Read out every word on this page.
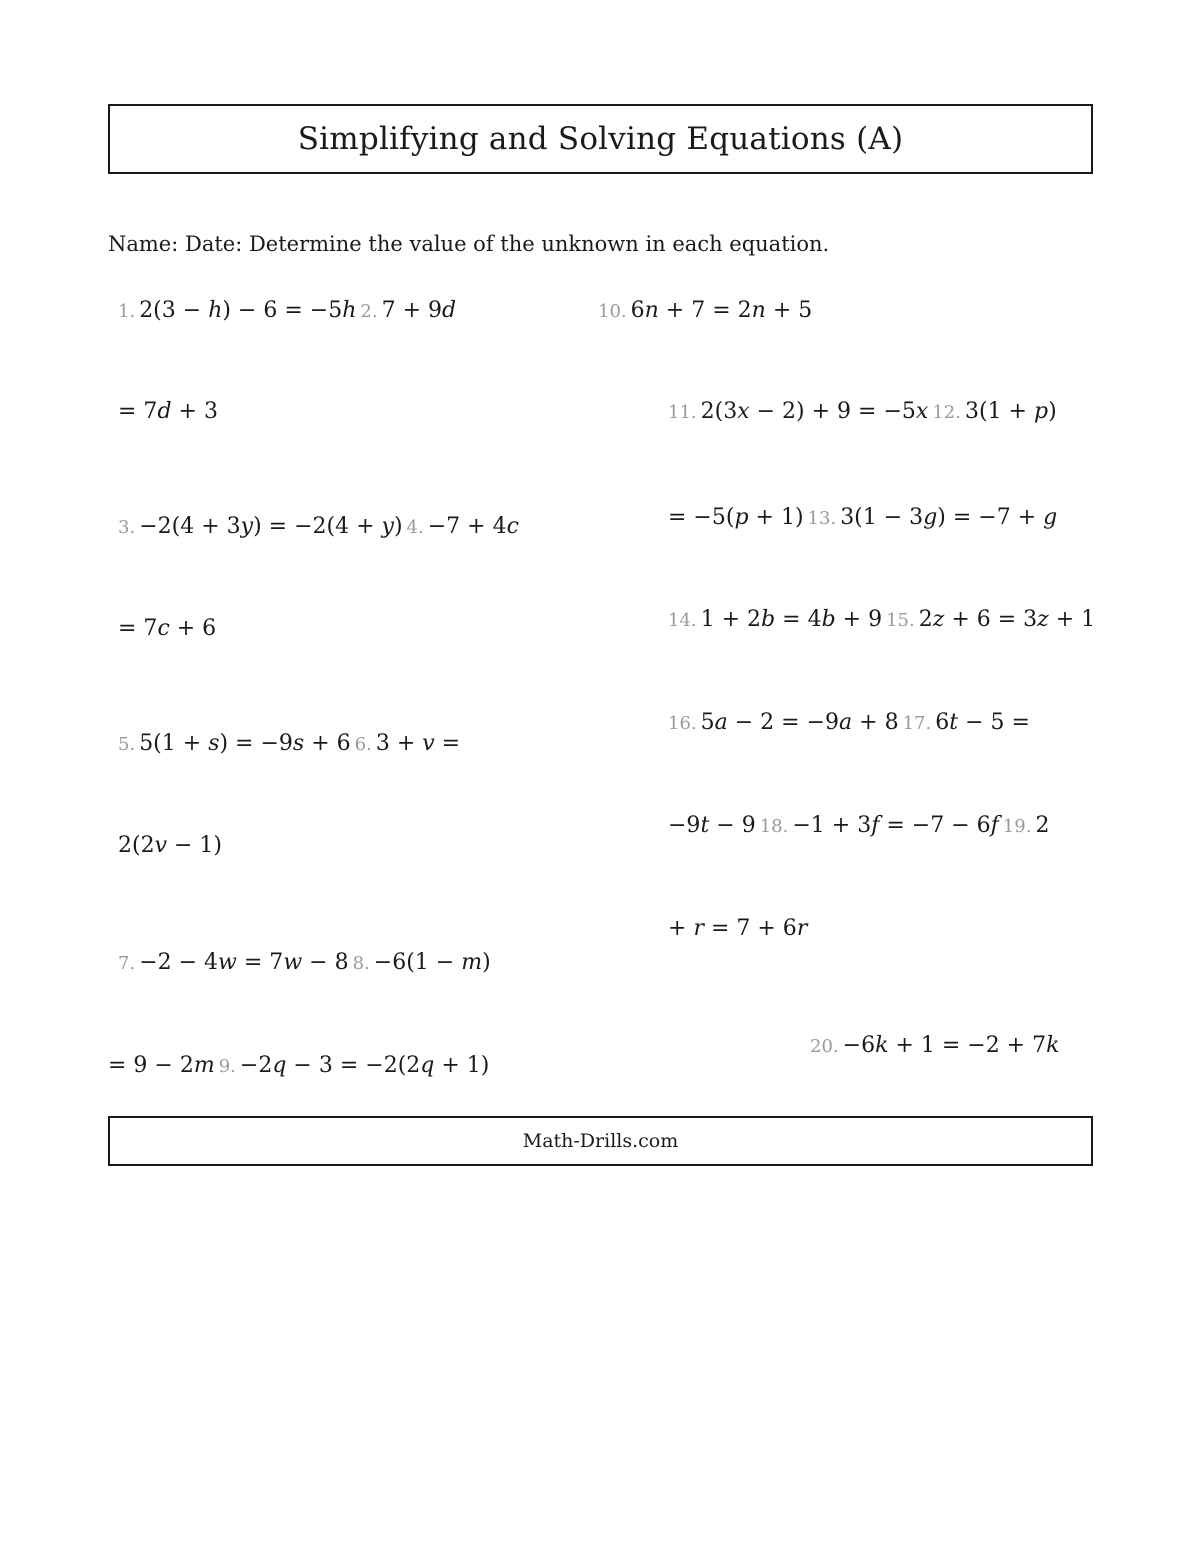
Simplifying and Solving Equations (A)
Name: Date: Determine the value of the unknown in each equation.
1. 2(3 − h) − 6 = −5h 2. 7 + 9d	10. 6n + 7 = 2n + 5
= 7d + 3	11. 2(3x − 2) + 9 = −5x 12. 3(1 + p)
= −5(p + 1) 13. 3(1 − 3g) = −7 + g
3. −2(4 + 3y) = −2(4 + y) 4. −7 + 4c
14. 1 + 2b = 4b + 9 15. 2z + 6 = 3z + 1
= 7c + 6
16. 5a − 2 = −9a + 8 17. 6t − 5 =
5. 5(1 + s) = −9s + 6 6. 3 + v =
−9t − 9 18. −1 + 3f = −7 − 6f 19. 2
2(2v − 1)
+ r = 7 + 6r
7. −2 − 4w = 7w − 8 8. −6(1 − m)
20. −6k + 1 = −2 + 7k
= 9 − 2m 9. −2q − 3 = −2(2q + 1)
Math-Drills.com
